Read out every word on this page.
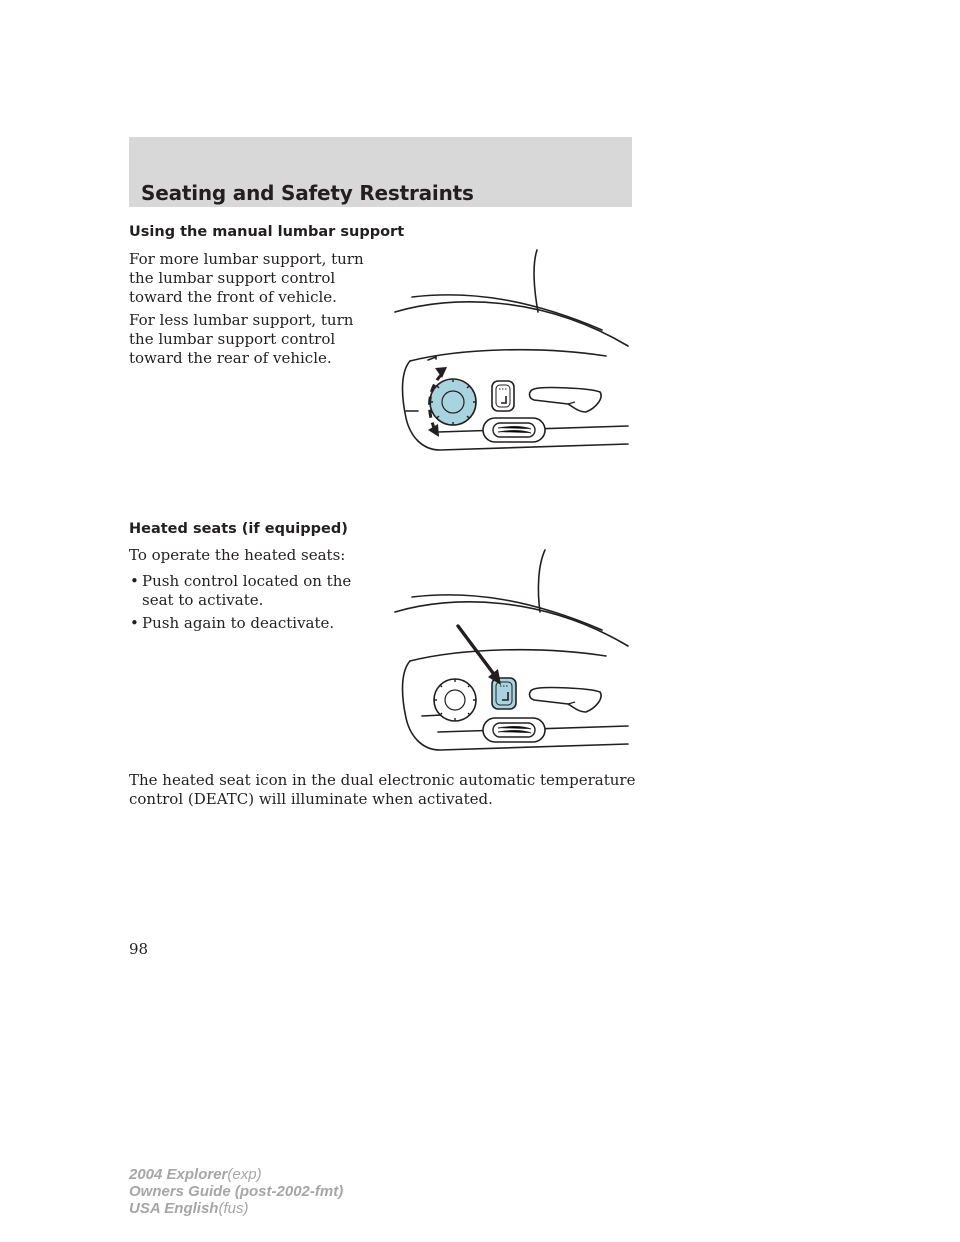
Seating and Safety Restraints
Using the manual lumbar support
For more lumbar support, turn the lumbar support control toward the front of vehicle.
For less lumbar support, turn the lumbar support control toward the rear of vehicle.
Heated seats (if equipped)
To operate the heated seats:
• Push control located on the seat to activate.
• Push again to deactivate.
The heated seat icon in the dual electronic automatic temperature control (DEATC) will illuminate when activated.
98
2004 Explorer(exp)
Owners Guide (post-2002-fmt)
USA English(fus)
